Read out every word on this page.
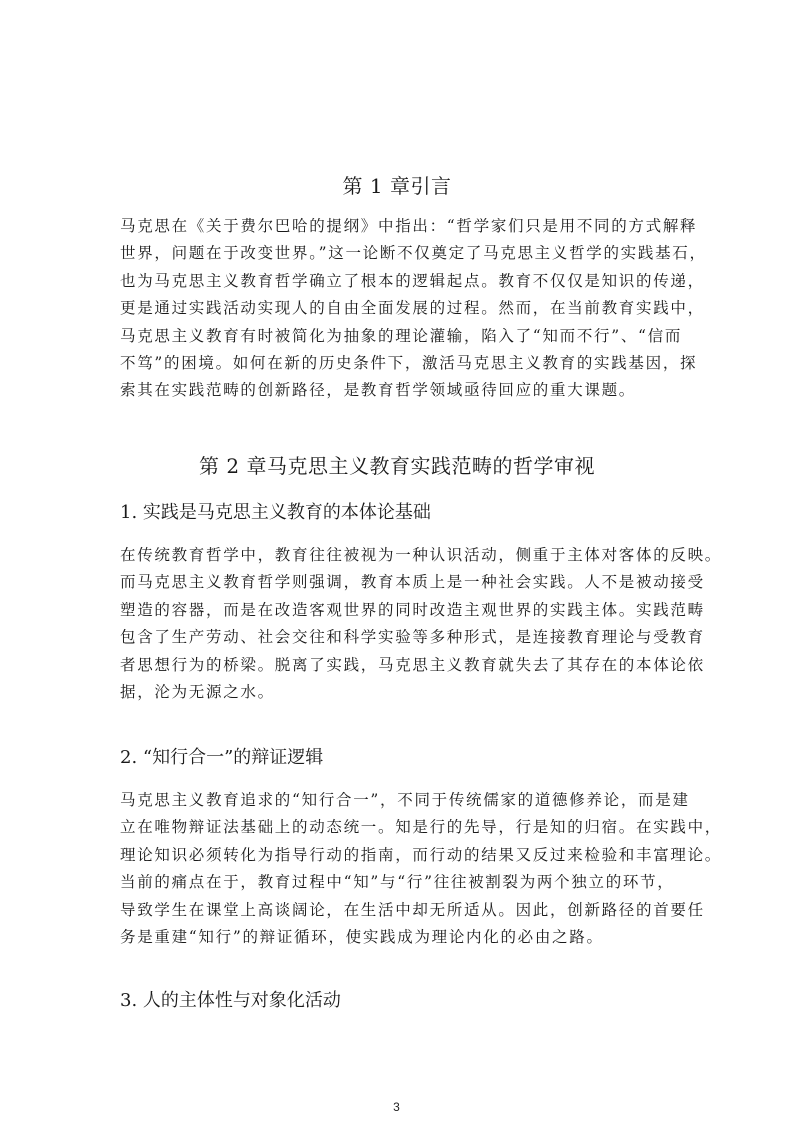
第 1 章引言
马克思在《关于费尔巴哈的提纲》中指出：“哲学家们只是用不同的方式解释
世界，问题在于改变世界。”这一论断不仅奠定了马克思主义哲学的实践基石，
也为马克思主义教育哲学确立了根本的逻辑起点。教育不仅仅是知识的传递，
更是通过实践活动实现人的自由全面发展的过程。然而，在当前教育实践中，
马克思主义教育有时被简化为抽象的理论灌输，陷入了“知而不行”、“信而
不笃”的困境。如何在新的历史条件下，激活马克思主义教育的实践基因，探
索其在实践范畴的创新路径，是教育哲学领域亟待回应的重大课题。
第 2 章马克思主义教育实践范畴的哲学审视
1. 实践是马克思主义教育的本体论基础
在传统教育哲学中，教育往往被视为一种认识活动，侧重于主体对客体的反映。
而马克思主义教育哲学则强调，教育本质上是一种社会实践。人不是被动接受
塑造的容器，而是在改造客观世界的同时改造主观世界的实践主体。实践范畴
包含了生产劳动、社会交往和科学实验等多种形式，是连接教育理论与受教育
者思想行为的桥梁。脱离了实践，马克思主义教育就失去了其存在的本体论依
据，沦为无源之水。
2. “知行合一”的辩证逻辑
马克思主义教育追求的“知行合一”，不同于传统儒家的道德修养论，而是建
立在唯物辩证法基础上的动态统一。知是行的先导，行是知的归宿。在实践中，
理论知识必须转化为指导行动的指南，而行动的结果又反过来检验和丰富理论。
当前的痛点在于，教育过程中“知”与“行”往往被割裂为两个独立的环节，
导致学生在课堂上高谈阔论，在生活中却无所适从。因此，创新路径的首要任
务是重建“知行”的辩证循环，使实践成为理论内化的必由之路。
3. 人的主体性与对象化活动
3
